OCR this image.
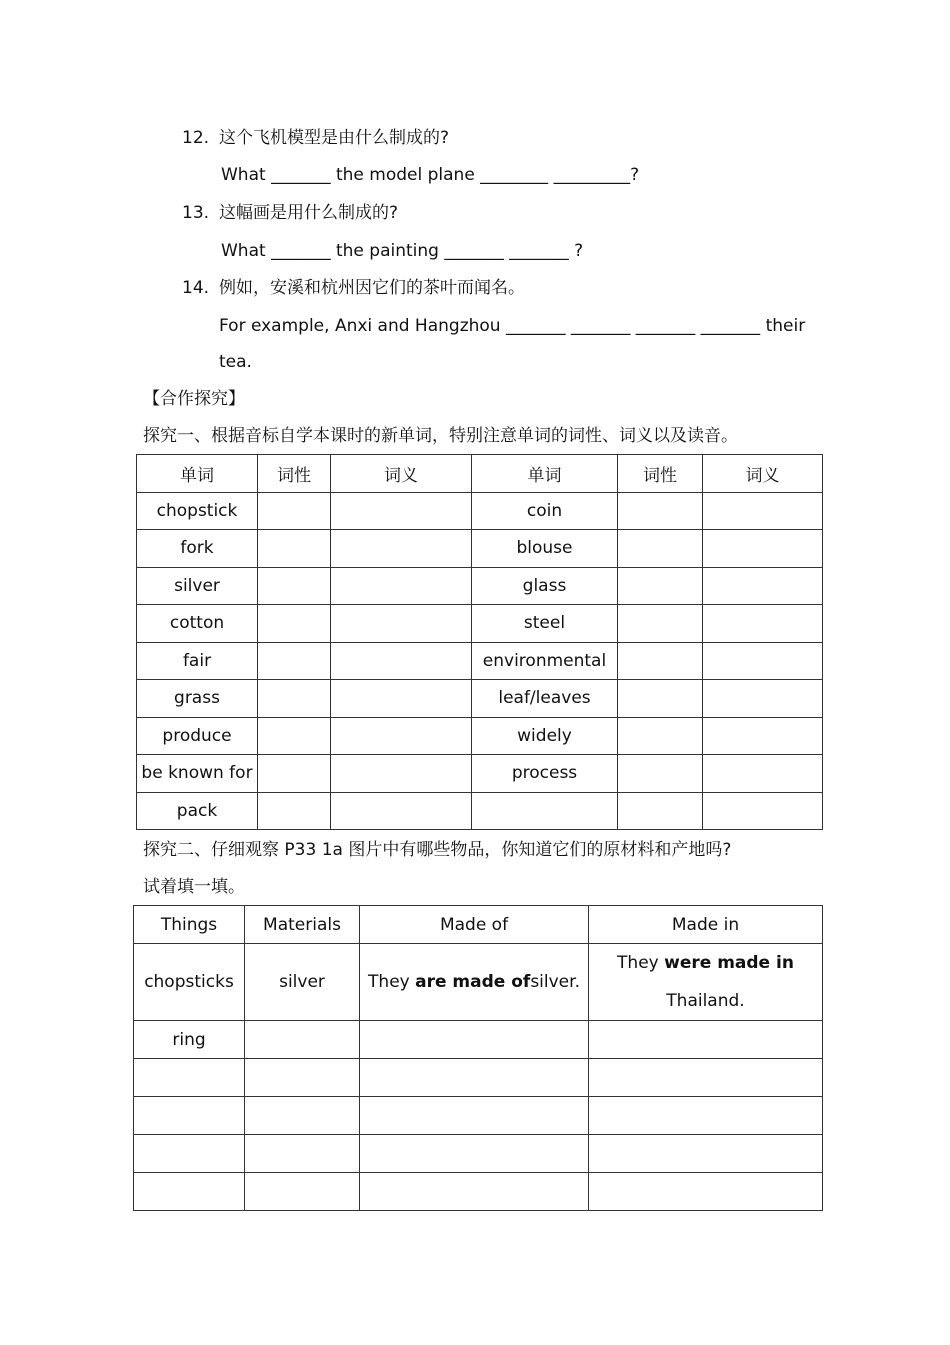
12. 这个飞机模型是由什么制成的?
What _______ the model plane ________ _________?
13. 这幅画是用什么制成的?
What _______ the painting _______ _______ ?
14. 例如，安溪和杭州因它们的茶叶而闻名。
For example, Anxi and Hangzhou _______ _______ _______ _______ their
tea.
【合作探究】
探究一、根据音标自学本课时的新单词，特别注意单词的词性、词义以及读音。
单词	词性	词义	单词	词性	词义
chopstick			coin		
fork			blouse		
silver			glass		
cotton			steel		
fair			environmental		
grass			leaf/leaves		
produce			widely		
be known for			process		
pack					
探究二、仔细观察 P33 1a 图片中有哪些物品，你知道它们的原材料和产地吗?
试着填一填。
Things	Materials	Made of	Made in
chopsticks	silver	They are made ofsilver.	They were made in
Thailand.
ring			
